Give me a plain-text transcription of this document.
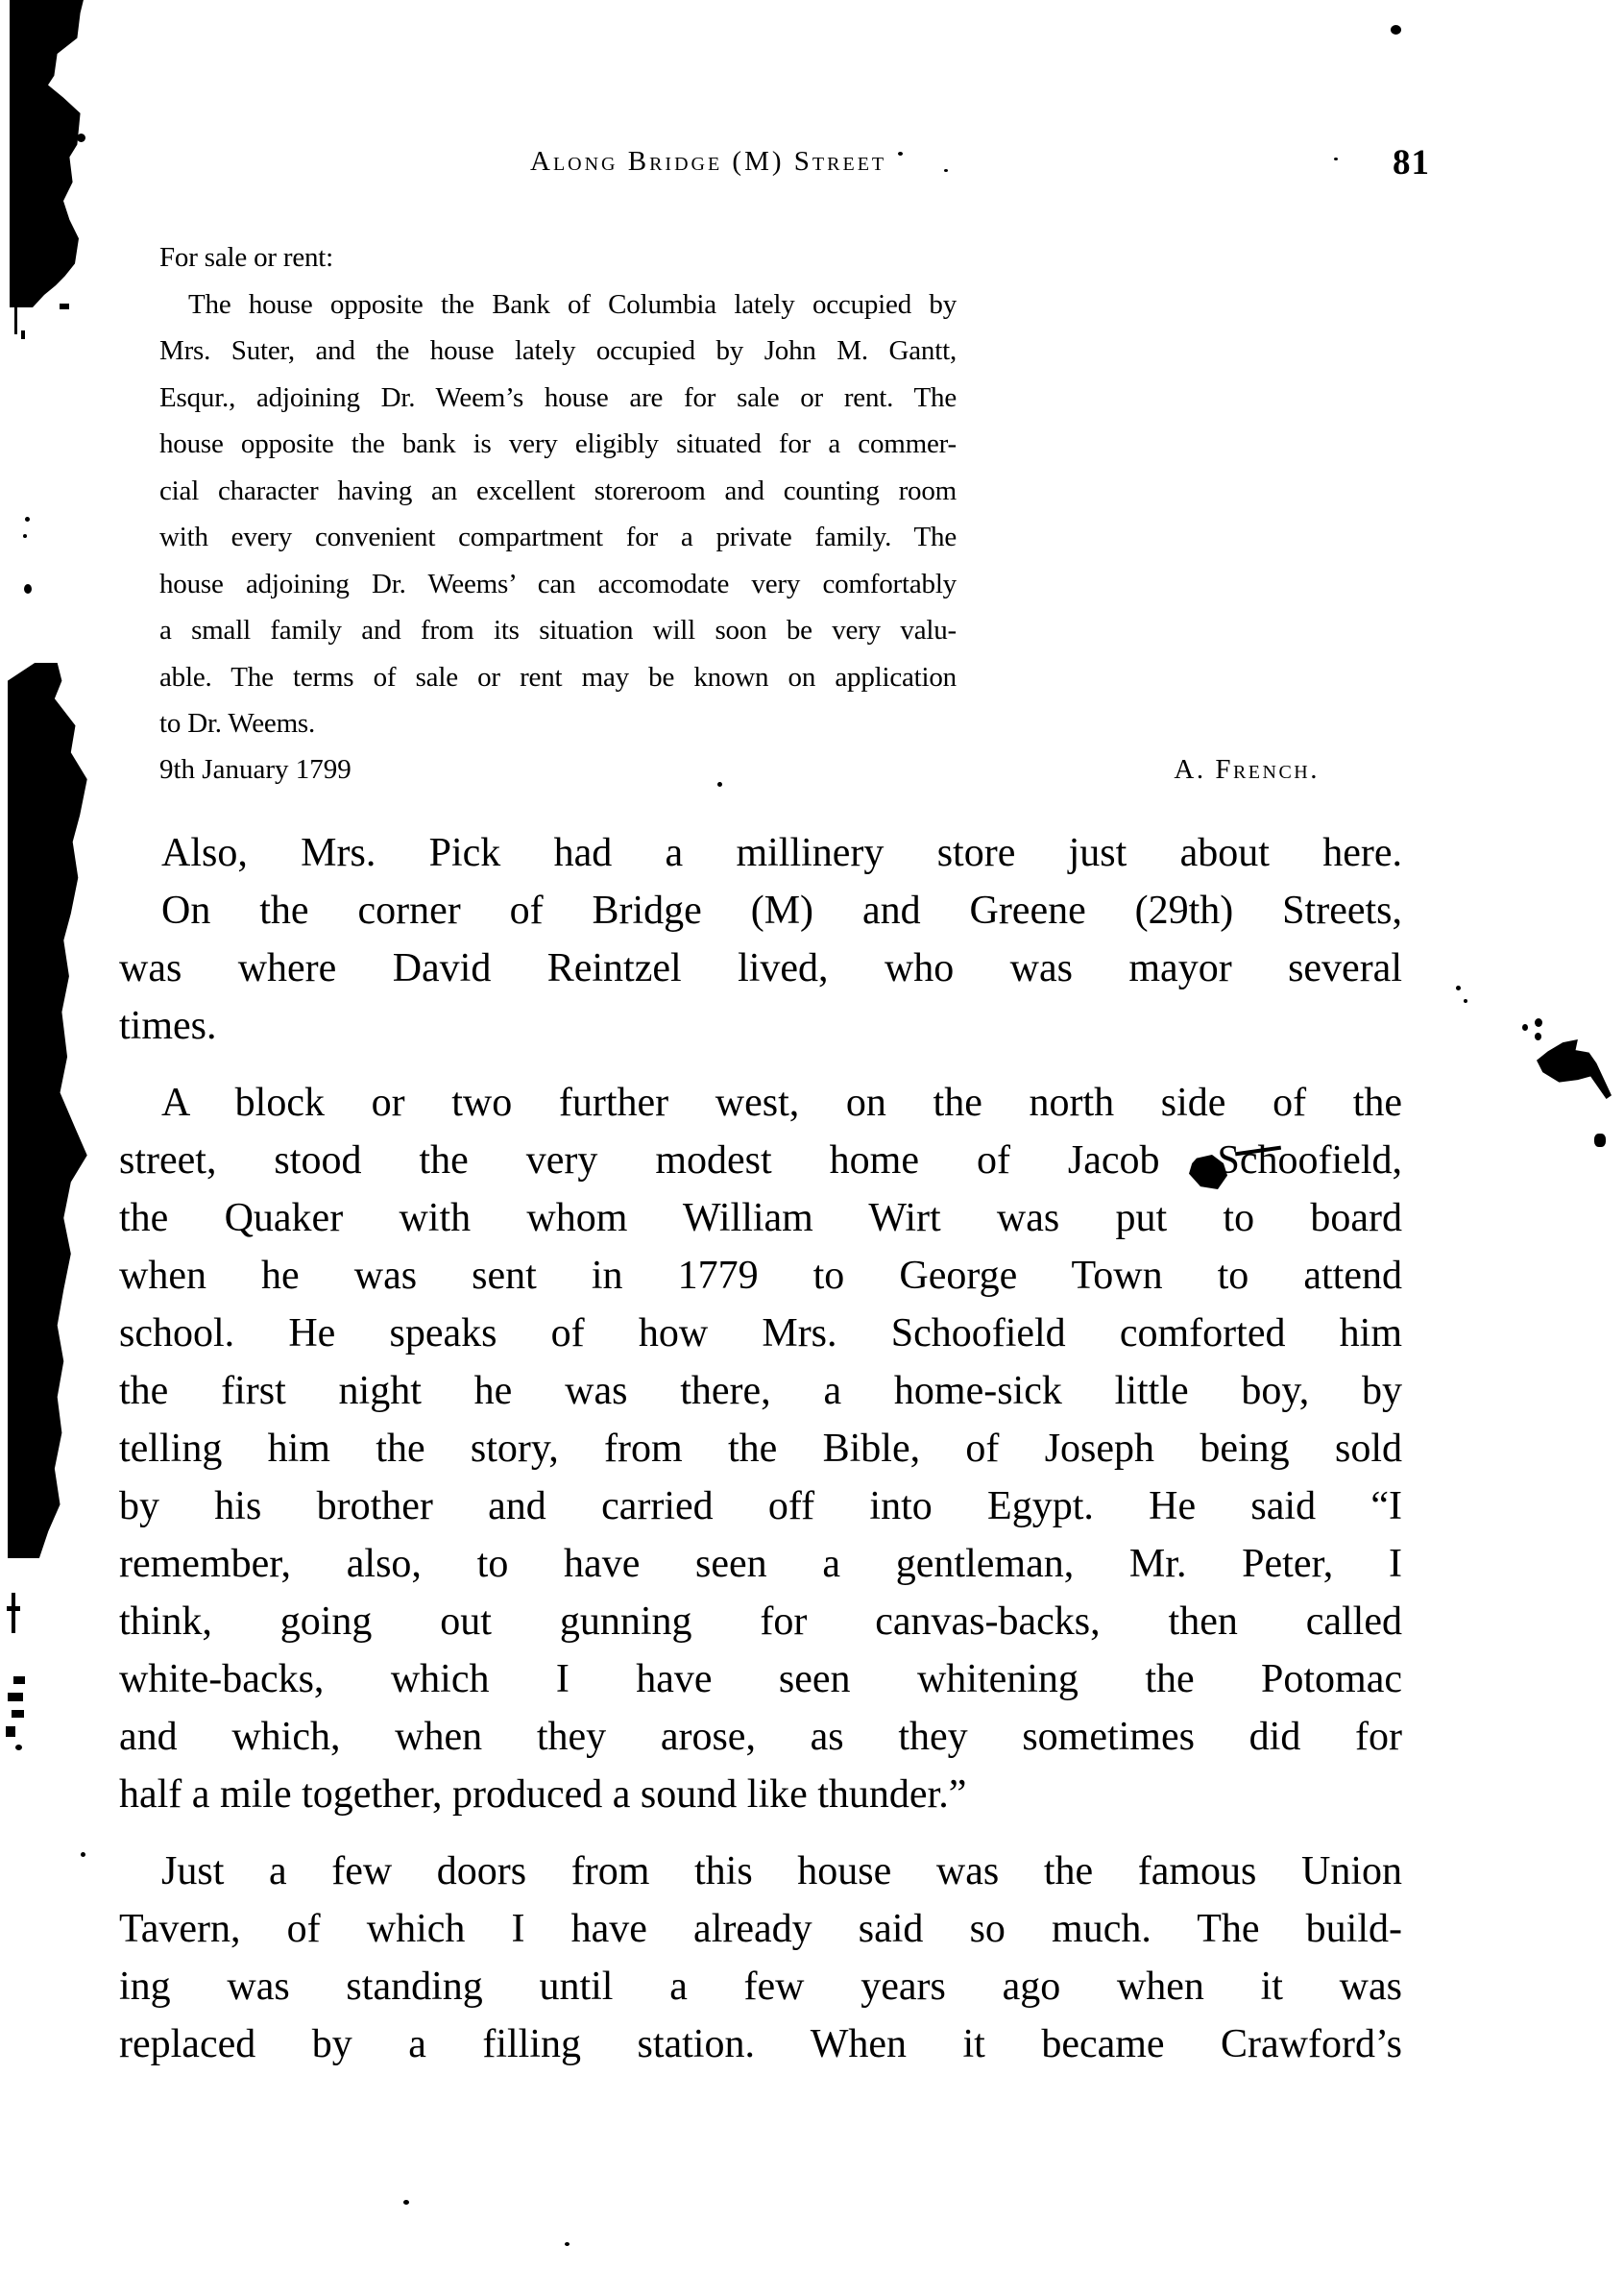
Along Bridge (M) Street	81
For sale or rent:
The house opposite the Bank of Columbia lately occupied by
Mrs. Suter, and the house lately occupied by John M. Gantt,
Esqur., adjoining Dr. Weem’s house are for sale or rent. The
house opposite the bank is very eligibly situated for a commer-
cial character having an excellent storeroom and counting room
with every convenient compartment for a private family. The
house adjoining Dr. Weems’ can accomodate very comfortably
a small family and from its situation will soon be very valu-
able. The terms of sale or rent may be known on application
to Dr. Weems.
9th January 1799	A. French.
Also, Mrs. Pick had a millinery store just about here.
On the corner of Bridge (M) and Greene (29th) Streets,
was where David Reintzel lived, who was mayor several
times.
A block or two further west, on the north side of the
street, stood the very modest home of Jacob Schoofield,
the Quaker with whom William Wirt was put to board
when he was sent in 1779 to George Town to attend
school. He speaks of how Mrs. Schoofield comforted him
the first night he was there, a home-sick little boy, by
telling him the story, from the Bible, of Joseph being sold
by his brother and carried off into Egypt. He said “I
remember, also, to have seen a gentleman, Mr. Peter, I
think, going out gunning for canvas-backs, then called
white-backs, which I have seen whitening the Potomac
and which, when they arose, as they sometimes did for
half a mile together, produced a sound like thunder.”
Just a few doors from this house was the famous Union
Tavern, of which I have already said so much. The build-
ing was standing until a few years ago when it was
replaced by a filling station. When it became Crawford’s
